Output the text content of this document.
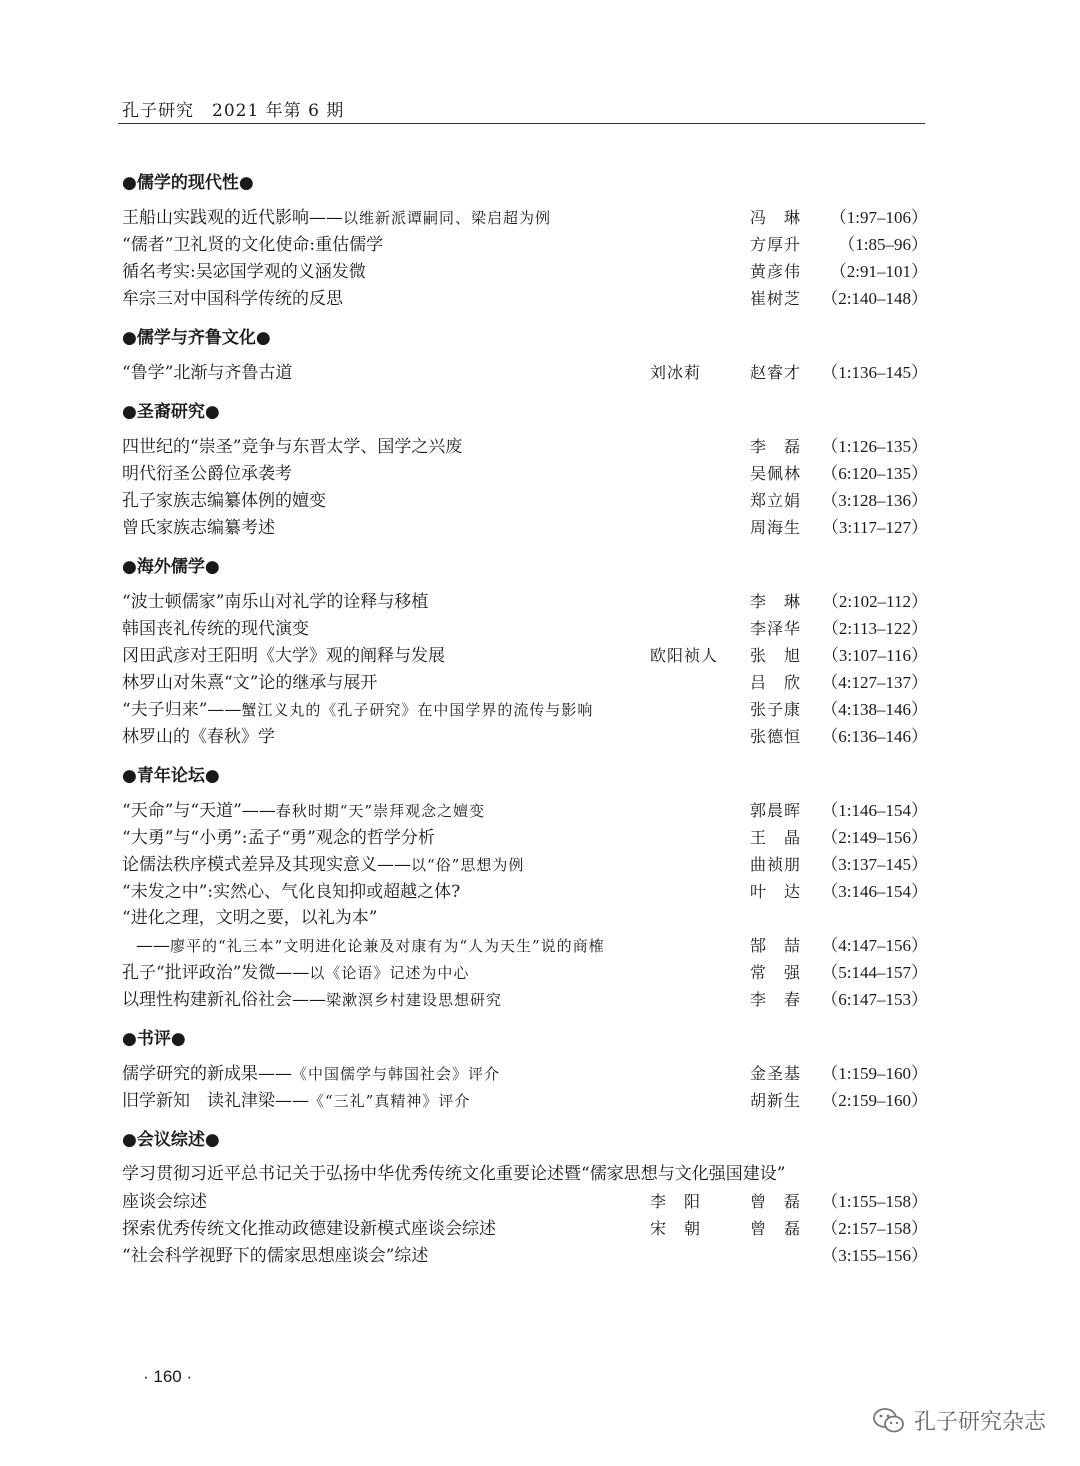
孔子研究　2021 年第 6 期
●儒学的现代性●
王船山实践观的近代影响——以维新派谭嗣同、梁启超为例	冯　琳	（1:97–106）
“儒者”卫礼贤的文化使命:重估儒学	方厚升	（1:85–96）
循名考实:吴宓国学观的义涵发微	黄彦伟	（2:91–101）
牟宗三对中国科学传统的反思	崔树芝	（2:140–148）
●儒学与齐鲁文化●
“鲁学”北渐与齐鲁古道	刘冰莉	赵睿才	（1:136–145）
●圣裔研究●
四世纪的“崇圣”竞争与东晋太学、国学之兴废	李　磊	（1:126–135）
明代衍圣公爵位承袭考	吴佩林	（6:120–135）
孔子家族志编纂体例的嬗变	郑立娟	（3:128–136）
曾氏家族志编纂考述	周海生	（3:117–127）
●海外儒学●
“波士顿儒家”南乐山对礼学的诠释与移植	李　琳	（2:102–112）
韩国丧礼传统的现代演变	李泽华	（2:113–122）
冈田武彦对王阳明《大学》观的阐释与发展	欧阳祯人	张　旭	（3:107–116）
林罗山对朱熹“文”论的继承与展开	吕　欣	（4:127–137）
“夫子归来”——蟹江义丸的《孔子研究》在中国学界的流传与影响	张子康	（4:138–146）
林罗山的《春秋》学	张德恒	（6:136–146）
●青年论坛●
“天命”与“天道”——春秋时期“天”崇拜观念之嬗变	郭晨晖	（1:146–154）
“大勇”与“小勇”:孟子“勇”观念的哲学分析	王　晶	（2:149–156）
论儒法秩序模式差异及其现实意义——以“俗”思想为例	曲祯朋	（3:137–145）
“未发之中”:实然心、气化良知抑或超越之体?	叶　达	（3:146–154）
“进化之理，文明之要，以礼为本”
——廖平的“礼三本”文明进化论兼及对康有为“人为天生”说的商榷	郜　喆	（4:147–156）
孔子“批评政治”发微——以《论语》记述为中心	常　强	（5:144–157）
以理性构建新礼俗社会——梁漱溟乡村建设思想研究	李　春	（6:147–153）
●书评●
儒学研究的新成果——《中国儒学与韩国社会》评介	金圣基	（1:159–160）
旧学新知　读礼津梁——《“三礼”真精神》评介	胡新生	（2:159–160）
●会议综述●
学习贯彻习近平总书记关于弘扬中华优秀传统文化重要论述暨“儒家思想与文化强国建设”
座谈会综述	李　阳	曾　磊	（1:155–158）
探索优秀传统文化推动政德建设新模式座谈会综述	宋　朝	曾　磊	（2:157–158）
“社会科学视野下的儒家思想座谈会”综述	（3:155–156）
· 160 ·
孔子研究杂志
